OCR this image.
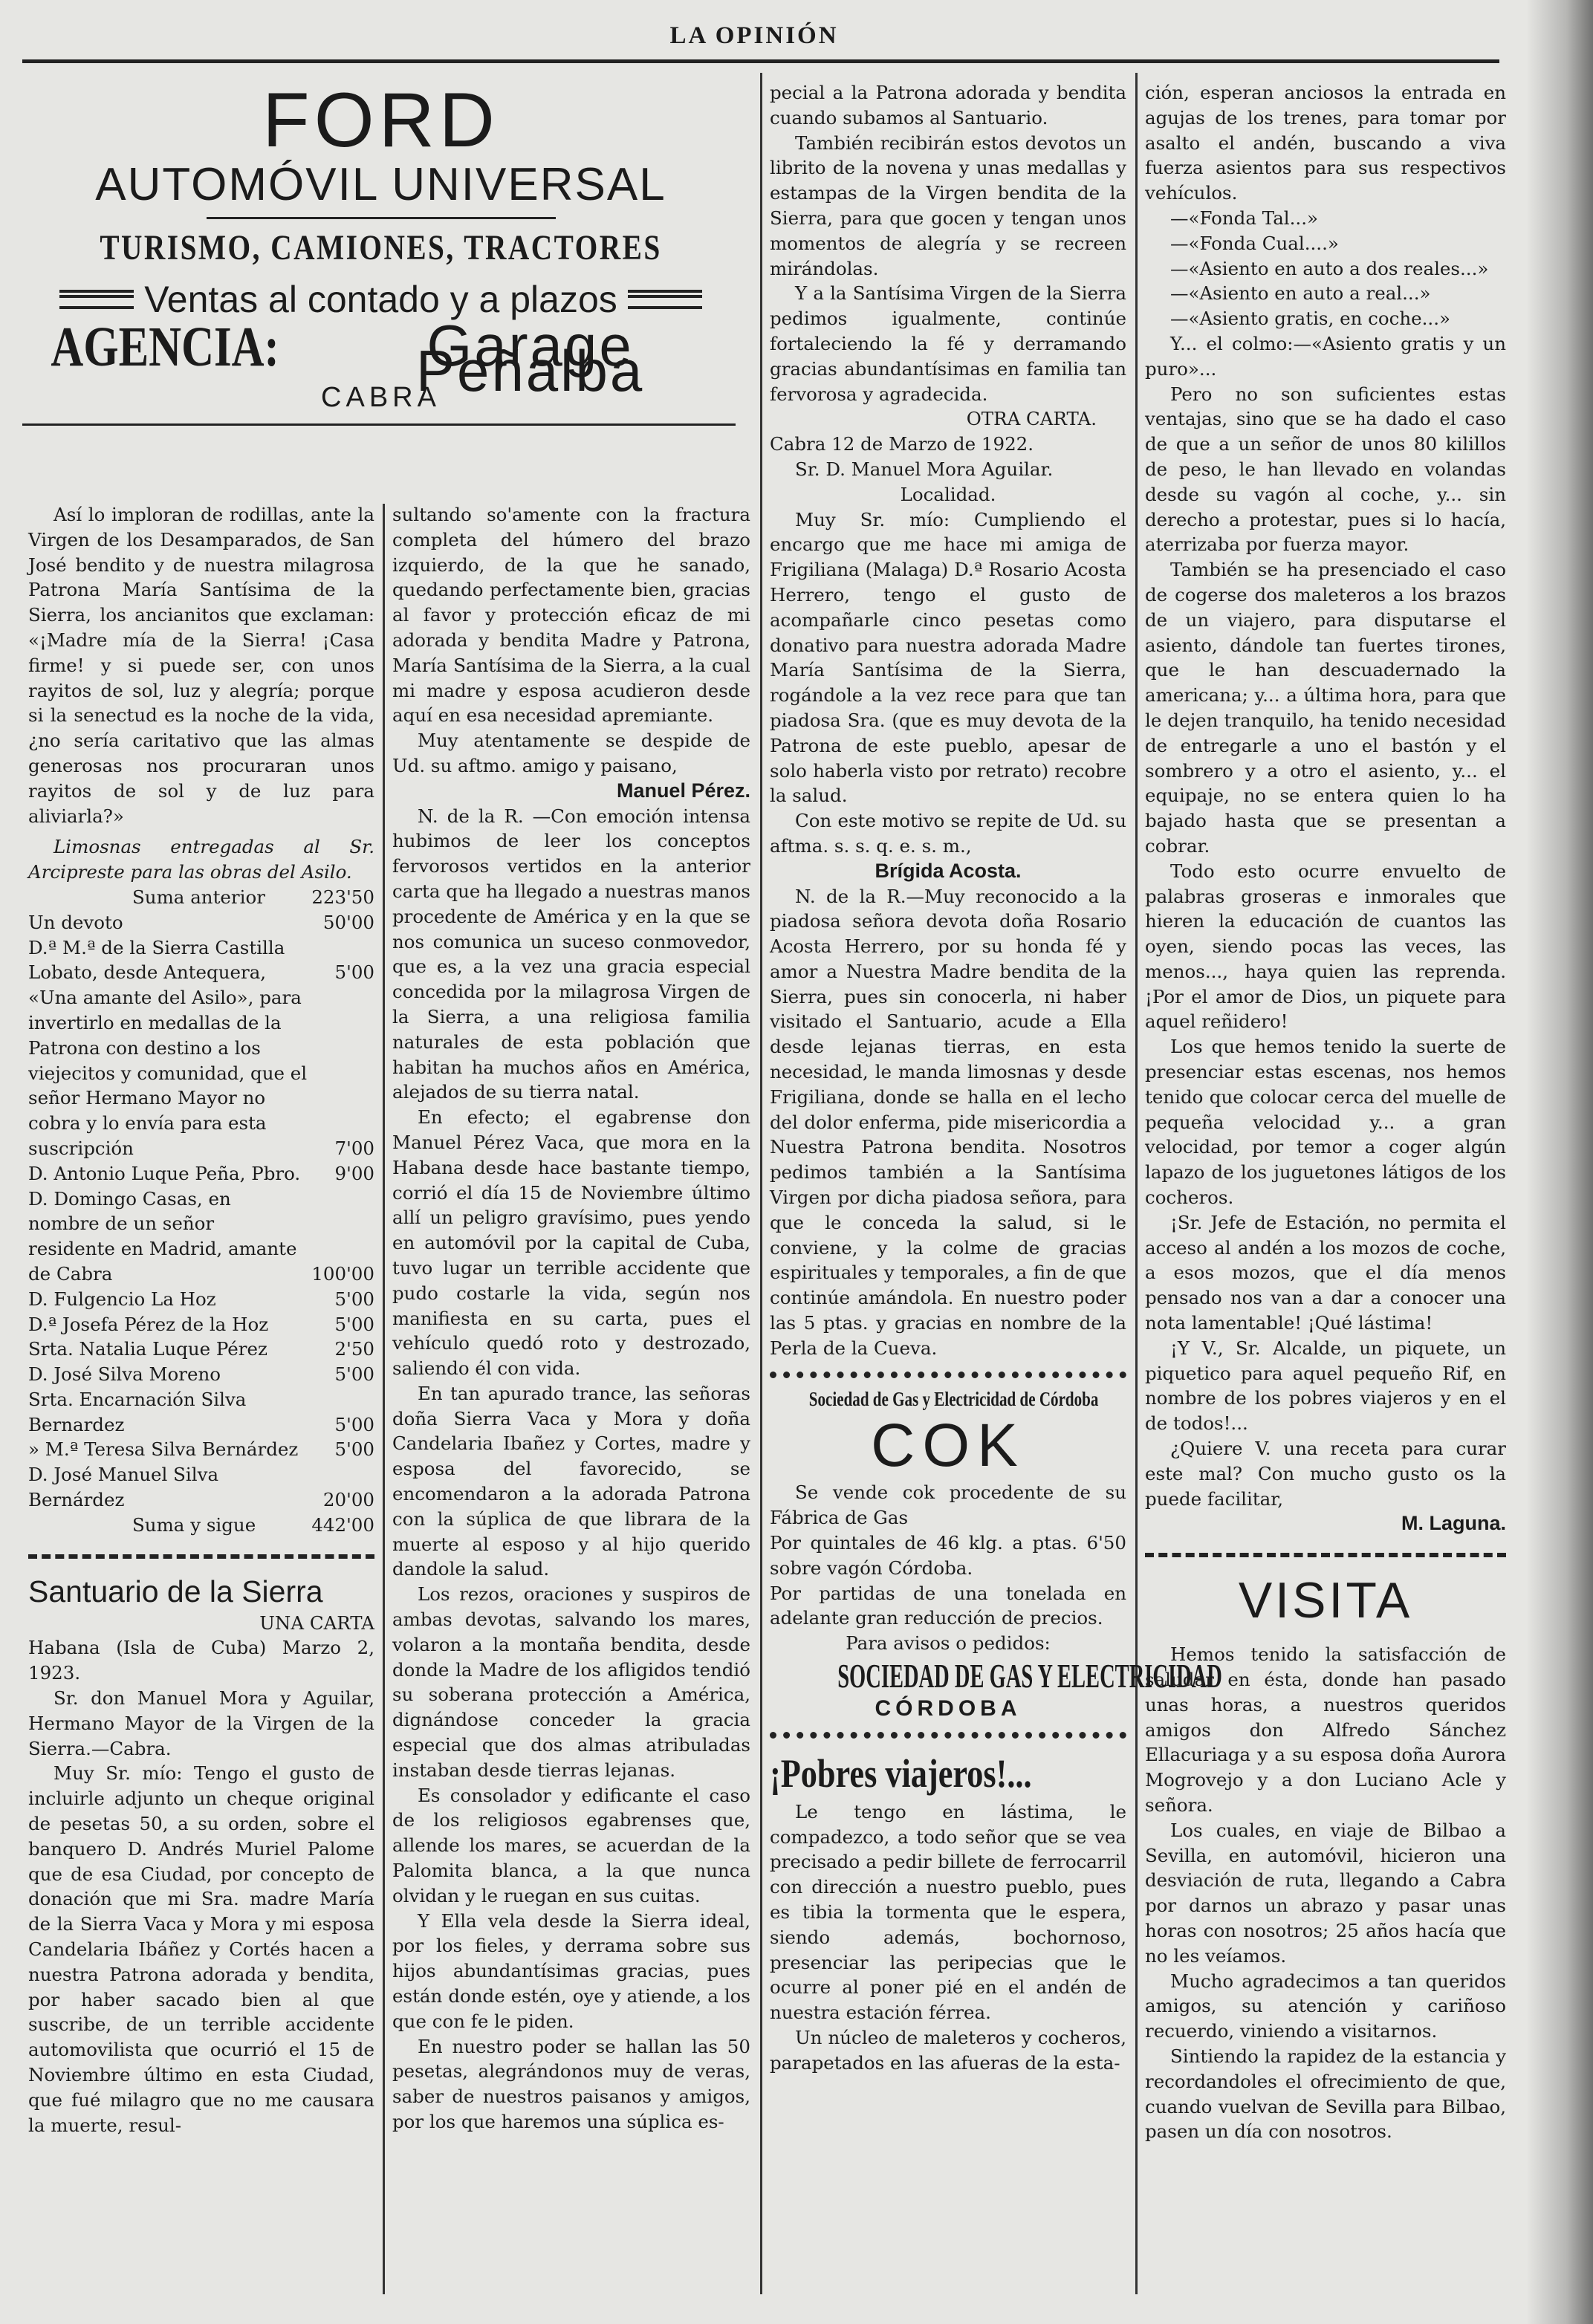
LA OPINIÓN
FORD
AUTOMÓVIL UNIVERSAL
TURISMO, CAMIONES, TRACTORES
Ventas al contado y a plazos
AGENCIA:	Garage Peñalba
CABRA

Así lo imploran de rodillas, ante la Virgen de los Desamparados, de San José bendito y de nuestra milagrosa Patrona María Santísima de la Sierra, los ancianitos que exclaman: «¡Madre mía de la Sierra! ¡Casa firme! y si puede ser, con unos rayitos de sol, luz y alegría; porque si la senectud es la noche de la vida, ¿no sería caritativo que las almas generosas nos procuraran unos rayitos de sol y de luz para aliviarla?»

Limosnas entregadas al Sr. Arcipreste para las obras del Asilo.

Suma anterior	223'50
Un devoto	50'00
D.ª M.ª de la Sierra Castilla Lobato, desde Antequera,	5'00
«Una amante del Asilo», para invertirlo en medallas de la Patrona con destino a los viejecitos y comunidad, que el señor Hermano Mayor no cobra y lo envía para esta suscripción	7'00
D. Antonio Luque Peña, Pbro.	9'00
D. Domingo Casas, en nombre de un señor residente en Madrid, amante de Cabra	100'00
D. Fulgencio La Hoz	5'00
D.ª Josefa Pérez de la Hoz	5'00
Srta. Natalia Luque Pérez	2'50
D. José Silva Moreno	5'00
Srta. Encarnación Silva Bernardez	5'00
» M.ª Teresa Silva Bernárdez	5'00
D. José Manuel Silva Bernárdez	20'00
Suma y sigue	442'00
Santuario de la Sierra

UNA CARTA

Habana (Isla de Cuba) Marzo 2, 1923.

Sr. don Manuel Mora y Aguilar, Hermano Mayor de la Virgen de la Sierra.—Cabra.

Muy Sr. mío: Tengo el gusto de incluirle adjunto un cheque original de pesetas 50, a su orden, sobre el banquero D. Andrés Muriel Palome que de esa Ciudad, por concepto de donación que mi Sra. madre María de la Sierra Vaca y Mora y mi esposa Candelaria Ibáñez y Cortés hacen a nuestra Patrona adorada y bendita, por haber sacado bien al que suscribe, de un terrible accidente automovilista que ocurrió el 15 de Noviembre último en esta Ciudad, que fué milagro que no me causara la muerte, resul-

sultando so'amente con la fractura completa del húmero del brazo izquierdo, de la que he sanado, quedando perfectamente bien, gracias al favor y protección eficaz de mi adorada y bendita Madre y Patrona, María Santísima de la Sierra, a la cual mi madre y esposa acudieron desde aquí en esa necesidad apremiante.

Muy atentamente se despide de Ud. su aftmo. amigo y paisano,

Manuel Pérez.

N. de la R. —Con emoción intensa hubimos de leer los conceptos fervorosos vertidos en la anterior carta que ha llegado a nuestras manos procedente de América y en la que se nos comunica un suceso conmovedor, que es, a la vez una gracia especial concedida por la milagrosa Virgen de la Sierra, a una religiosa familia naturales de esta población que habitan ha muchos años en América, alejados de su tierra natal.

En efecto; el egabrense don Manuel Pérez Vaca, que mora en la Habana desde hace bastante tiempo, corrió el día 15 de Noviembre último allí un peligro gravísimo, pues yendo en automóvil por la capital de Cuba, tuvo lugar un terrible accidente que pudo costarle la vida, según nos manifiesta en su carta, pues el vehículo quedó roto y destrozado, saliendo él con vida.

En tan apurado trance, las señoras doña Sierra Vaca y Mora y doña Candelaria Ibañez y Cortes, madre y esposa del favorecido, se encomendaron a la adorada Patrona con la súplica de que librara de la muerte al esposo y al hijo querido dandole la salud.

Los rezos, oraciones y suspiros de ambas devotas, salvando los mares, volaron a la montaña bendita, desde donde la Madre de los afligidos tendió su soberana protección a América, dignándose conceder la gracia especial que dos almas atribuladas instaban desde tierras lejanas.

Es consolador y edificante el caso de los religiosos egabrenses que, allende los mares, se acuerdan de la Palomita blanca, a la que nunca olvidan y le ruegan en sus cuitas.

Y Ella vela desde la Sierra ideal, por los fieles, y derrama sobre sus hijos abundantísimas gracias, pues están donde estén, oye y atiende, a los que con fe le piden.

En nuestro poder se hallan las 50 pesetas, alegrándonos muy de veras, saber de nuestros paisanos y amigos, por los que haremos una súplica es-

pecial a la Patrona adorada y bendita cuando subamos al Santuario.

También recibirán estos devotos un librito de la novena y unas medallas y estampas de la Virgen bendita de la Sierra, para que gocen y tengan unos momentos de alegría y se recreen mirándolas.

Y a la Santísima Virgen de la Sierra pedimos igualmente, continúe fortaleciendo la fé y derramando gracias abundantísimas en familia tan fervorosa y agradecida.

OTRA CARTA.

Cabra 12 de Marzo de 1922.

Sr. D. Manuel Mora Aguilar.

Localidad.

Muy Sr. mío: Cumpliendo el encargo que me hace mi amiga de Frigiliana (Malaga) D.ª Rosario Acosta Herrero, tengo el gusto de acompañarle cinco pesetas como donativo para nuestra adorada Madre María Santísima de la Sierra, rogándole a la vez rece para que tan piadosa Sra. (que es muy devota de la Patrona de este pueblo, apesar de solo haberla visto por retrato) recobre la salud.

Con este motivo se repite de Ud. su aftma. s. s. q. e. s. m.,

Brígida Acosta.

N. de la R.—Muy reconocido a la piadosa señora devota doña Rosario Acosta Herrero, por su honda fé y amor a Nuestra Madre bendita de la Sierra, pues sin conocerla, ni haber visitado el Santuario, acude a Ella desde lejanas tierras, en esta necesidad, le manda limosnas y desde Frigiliana, donde se halla en el lecho del dolor enferma, pide misericordia a Nuestra Patrona bendita. Nosotros pedimos también a la Santísima Virgen por dicha piadosa señora, para que le conceda la salud, si le conviene, y la colme de gracias espirituales y temporales, a fin de que continúe amándola. En nuestro poder las 5 ptas. y gracias en nombre de la Perla de la Cueva.

Sociedad de Gas y Electricidad de Córdoba
COK

Se vende cok procedente de su Fábrica de Gas

Por quintales de 46 klg. a ptas. 6'50 sobre vagón Córdoba.

Por partidas de una tonelada en adelante gran reducción de precios.

Para avisos o pedidos:

SOCIEDAD DE GAS Y ELECTRICIDAD
CÓRDOBA
¡Pobres viajeros!...

Le tengo en lástima, le compadezco, a todo señor que se vea precisado a pedir billete de ferrocarril con dirección a nuestro pueblo, pues es tibia la tormenta que le espera, siendo además, bochornoso, presenciar las peripecias que le ocurre al poner pié en el andén de nuestra estación férrea.

Un núcleo de maleteros y cocheros, parapetados en las afueras de la esta-

ción, esperan anciosos la entrada en agujas de los trenes, para tomar por asalto el andén, buscando a viva fuerza asientos para sus respectivos vehículos.

—«Fonda Tal...»

—«Fonda Cual....»

—«Asiento en auto a dos reales...»

—«Asiento en auto a real...»

—«Asiento gratis, en coche...»

Y... el colmo:—«Asiento gratis y un puro»...

Pero no son suficientes estas ventajas, sino que se ha dado el caso de que a un señor de unos 80 kilillos de peso, le han llevado en volandas desde su vagón al coche, y... sin derecho a protestar, pues si lo hacía, aterrizaba por fuerza mayor.

También se ha presenciado el caso de cogerse dos maleteros a los brazos de un viajero, para disputarse el asiento, dándole tan fuertes tirones, que le han descuadernado la americana; y... a última hora, para que le dejen tranquilo, ha tenido necesidad de entregarle a uno el bastón y el sombrero y a otro el asiento, y... el equipaje, no se entera quien lo ha bajado hasta que se presentan a cobrar.

Todo esto ocurre envuelto de palabras groseras e inmorales que hieren la educación de cuantos las oyen, siendo pocas las veces, las menos..., haya quien las reprenda. ¡Por el amor de Dios, un piquete para aquel reñidero!

Los que hemos tenido la suerte de presenciar estas escenas, nos hemos tenido que colocar cerca del muelle de pequeña velocidad y... a gran velocidad, por temor a coger algún lapazo de los juguetones látigos de los cocheros.

¡Sr. Jefe de Estación, no permita el acceso al andén a los mozos de coche, a esos mozos, que el día menos pensado nos van a dar a conocer una nota lamentable! ¡Qué lástima!

¡Y V., Sr. Alcalde, un piquete, un piquetico para aquel pequeño Rif, en nombre de los pobres viajeros y en el de todos!...

¿Quiere V. una receta para curar este mal? Con mucho gusto os la puede facilitar,

M. Laguna.
VISITA

Hemos tenido la satisfacción de saludar en ésta, donde han pasado unas horas, a nuestros queridos amigos don Alfredo Sánchez Ellacuriaga y a su esposa doña Aurora Mogrovejo y a don Luciano Acle y señora.

Los cuales, en viaje de Bilbao a Sevilla, en automóvil, hicieron una desviación de ruta, llegando a Cabra por darnos un abrazo y pasar unas horas con nosotros; 25 años hacía que no les veíamos.

Mucho agradecimos a tan queridos amigos, su atención y cariñoso recuerdo, viniendo a visitarnos.

Sintiendo la rapidez de la estancia y recordandoles el ofrecimiento de que, cuando vuelvan de Sevilla para Bilbao, pasen un día con nosotros.
